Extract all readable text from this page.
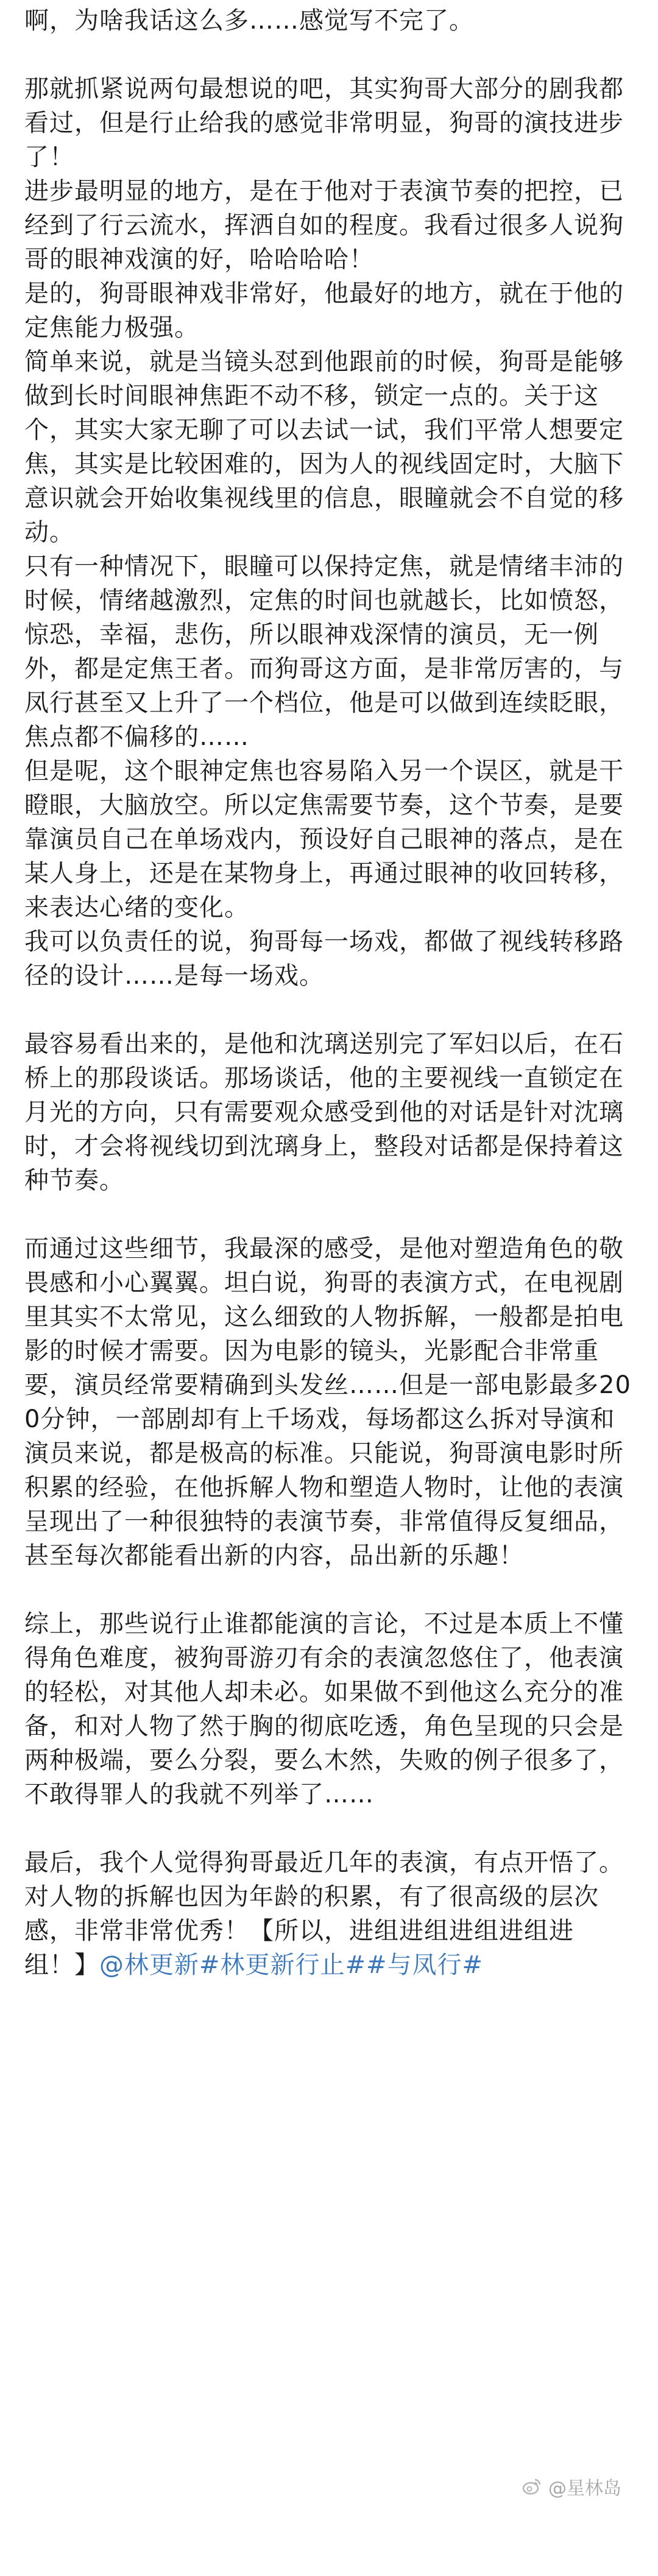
啊，为啥我话这么多……感觉写不完了。

那就抓紧说两句最想说的吧，其实狗哥大部分的剧我都看过，但是行止给我的感觉非常明显，狗哥的演技进步了！

进步最明显的地方，是在于他对于表演节奏的把控，已经到了行云流水，挥洒自如的程度。我看过很多人说狗哥的眼神戏演的好，哈哈哈哈！

是的，狗哥眼神戏非常好，他最好的地方，就在于他的定焦能力极强。

简单来说，就是当镜头怼到他跟前的时候，狗哥是能够做到长时间眼神焦距不动不移，锁定一点的。关于这个，其实大家无聊了可以去试一试，我们平常人想要定焦，其实是比较困难的，因为人的视线固定时，大脑下意识就会开始收集视线里的信息，眼瞳就会不自觉的移动。

只有一种情况下，眼瞳可以保持定焦，就是情绪丰沛的时候，情绪越激烈，定焦的时间也就越长，比如愤怒，惊恐，幸福，悲伤，所以眼神戏深情的演员，无一例外，都是定焦王者。而狗哥这方面，是非常厉害的，与凤行甚至又上升了一个档位，他是可以做到连续眨眼，焦点都不偏移的……

但是呢，这个眼神定焦也容易陷入另一个误区，就是干瞪眼，大脑放空。所以定焦需要节奏，这个节奏，是要靠演员自己在单场戏内，预设好自己眼神的落点，是在某人身上，还是在某物身上，再通过眼神的收回转移，来表达心绪的变化。

我可以负责任的说，狗哥每一场戏，都做了视线转移路径的设计……是每一场戏。

最容易看出来的，是他和沈璃送别完了军妇以后，在石桥上的那段谈话。那场谈话，他的主要视线一直锁定在月光的方向，只有需要观众感受到他的对话是针对沈璃时，才会将视线切到沈璃身上，整段对话都是保持着这种节奏。

而通过这些细节，我最深的感受，是他对塑造角色的敬畏感和小心翼翼。坦白说，狗哥的表演方式，在电视剧里其实不太常见，这么细致的人物拆解，一般都是拍电影的时候才需要。因为电影的镜头，光影配合非常重要，演员经常要精确到头发丝……但是一部电影最多200分钟，一部剧却有上千场戏，每场都这么拆对导演和演员来说，都是极高的标准。只能说，狗哥演电影时所积累的经验，在他拆解人物和塑造人物时，让他的表演呈现出了一种很独特的表演节奏，非常值得反复细品，甚至每次都能看出新的内容，品出新的乐趣！

综上，那些说行止谁都能演的言论，不过是本质上不懂得角色难度，被狗哥游刃有余的表演忽悠住了，他表演的轻松，对其他人却未必。如果做不到他这么充分的准备，和对人物了然于胸的彻底吃透，角色呈现的只会是两种极端，要么分裂，要么木然，失败的例子很多了，不敢得罪人的我就不列举了……

最后，我个人觉得狗哥最近几年的表演，有点开悟了。对人物的拆解也因为年龄的积累，有了很高级的层次感，非常非常优秀！【所以，进组进组进组进组进组！】@林更新#林更新行止##与凤行#

@星林岛
